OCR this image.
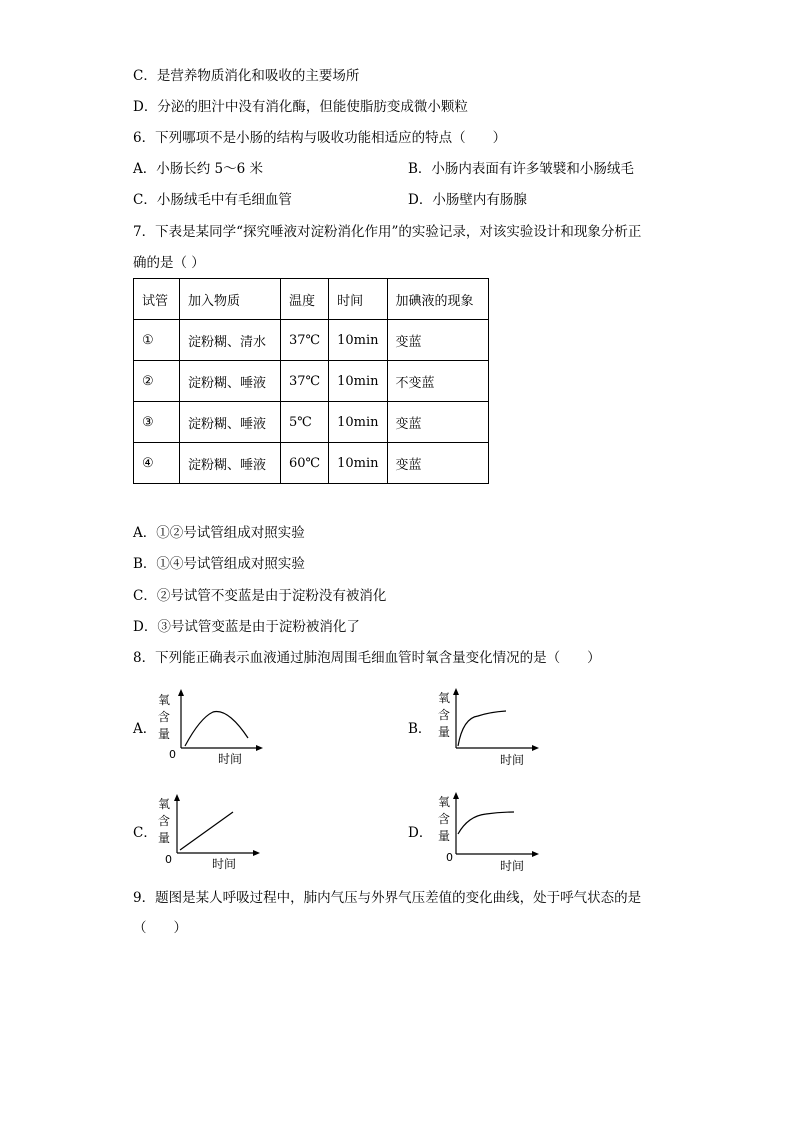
C．是营养物质消化和吸收的主要场所
D．分泌的胆汁中没有消化酶，但能使脂肪变成微小颗粒
6．下列哪项不是小肠的结构与吸收功能相适应的特点（　　）
A．小肠长约 5～6 米	B．小肠内表面有许多皱襞和小肠绒毛
C．小肠绒毛中有毛细血管	D．小肠壁内有肠腺
7．下表是某同学“探究唾液对淀粉消化作用”的实验记录，对该实验设计和现象分析正
确的是（ ）
试管	加入物质	温度	时间	加碘液的现象
①	淀粉糊、清水	37℃	10min	变蓝
②	淀粉糊、唾液	37℃	10min	不变蓝
③	淀粉糊、唾液	5℃	10min	变蓝
④	淀粉糊、唾液	60℃	10min	变蓝
A．①②号试管组成对照实验
B．①④号试管组成对照实验
C．②号试管不变蓝是由于淀粉没有被消化
D．③号试管变蓝是由于淀粉被消化了
8．下列能正确表示血液通过肺泡周围毛细血管时氧含量变化情况的是（　　）
A．
氧
含
量
0	时间
B．
氧
含
量
时间
C．
氧
含
量
0	时间
D．
氧
含
量
0
时间
9．题图是某人呼吸过程中，肺内气压与外界气压差值的变化曲线，处于呼气状态的是
（　　）
